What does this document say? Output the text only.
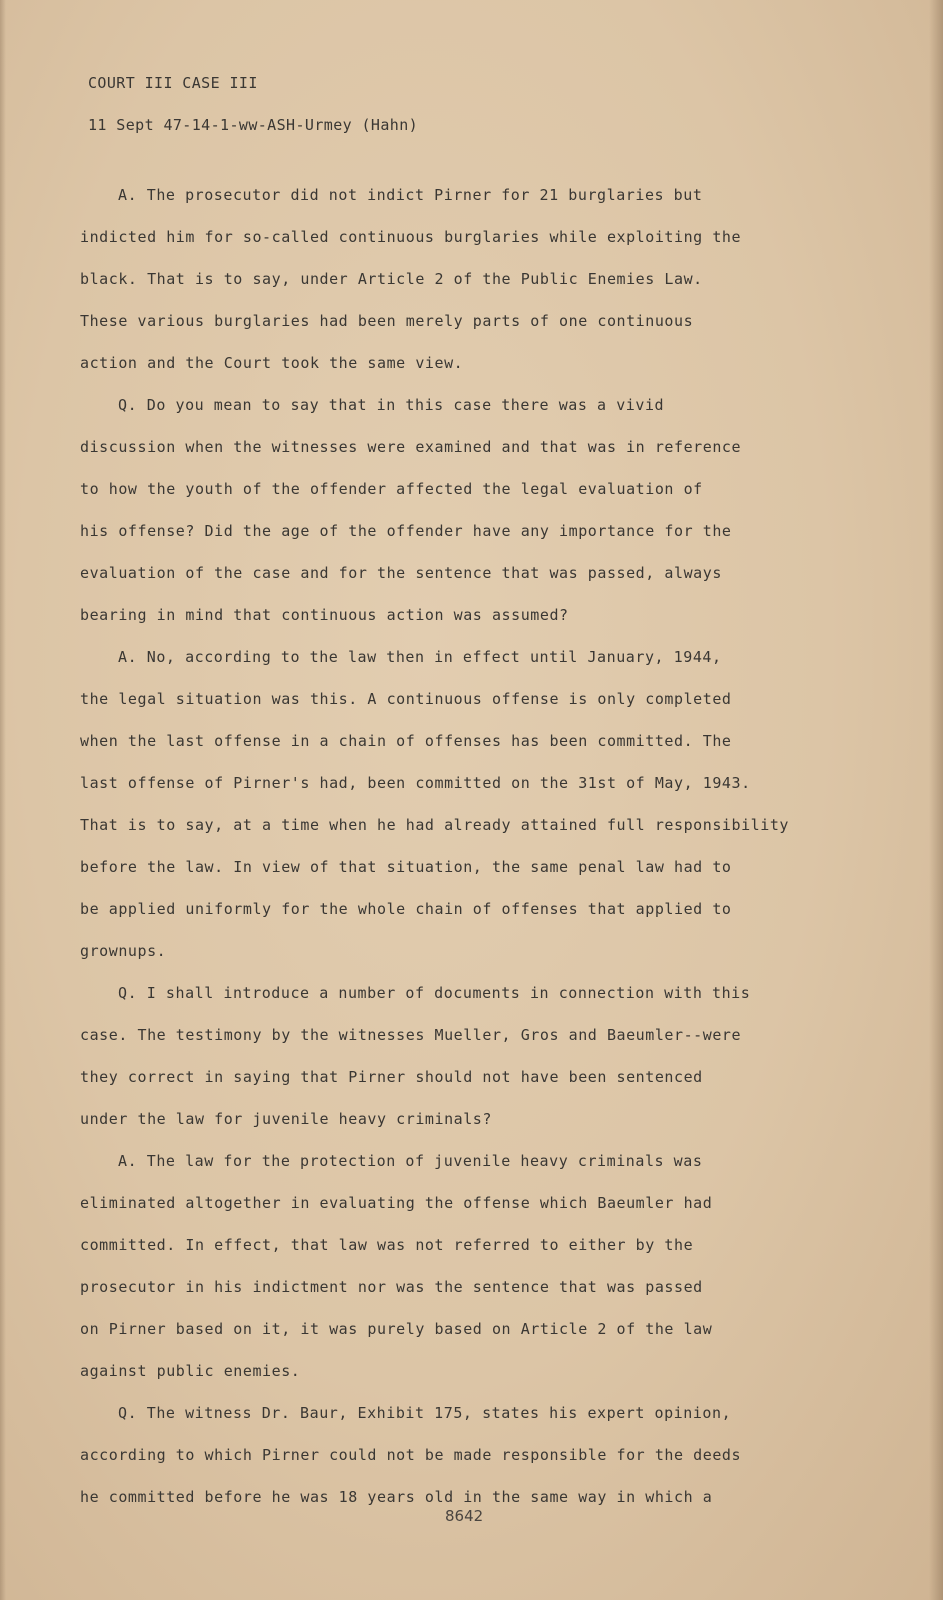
COURT III CASE III
11 Sept 47-14-1-ww-ASH-Urmey (Hahn)
A. The prosecutor did not indict Pirner for 21 burglaries but
indicted him for so-called continuous burglaries while exploiting the
black. That is to say, under Article 2 of the Public Enemies Law.
These various burglaries had been merely parts of one continuous
action and the Court took the same view.
Q. Do you mean to say that in this case there was a vivid
discussion when the witnesses were examined and that was in reference
to how the youth of the offender affected the legal evaluation of
his offense? Did the age of the offender have any importance for the
evaluation of the case and for the sentence that was passed, always
bearing in mind that continuous action was assumed?
A. No, according to the law then in effect until January, 1944,
the legal situation was this. A continuous offense is only completed
when the last offense in a chain of offenses has been committed. The
last offense of Pirner's had, been committed on the 31st of May, 1943.
That is to say, at a time when he had already attained full responsibility
before the law. In view of that situation, the same penal law had to
be applied uniformly for the whole chain of offenses that applied to
grownups.
Q. I shall introduce a number of documents in connection with this
case. The testimony by the witnesses Mueller, Gros and Baeumler--were
they correct in saying that Pirner should not have been sentenced
under the law for juvenile heavy criminals?
A. The law for the protection of juvenile heavy criminals was
eliminated altogether in evaluating the offense which Baeumler had
committed. In effect, that law was not referred to either by the
prosecutor in his indictment nor was the sentence that was passed
on Pirner based on it, it was purely based on Article 2 of the law
against public enemies.
Q. The witness Dr. Baur, Exhibit 175, states his expert opinion,
according to which Pirner could not be made responsible for the deeds
he committed before he was 18 years old in the same way in which a
8642
